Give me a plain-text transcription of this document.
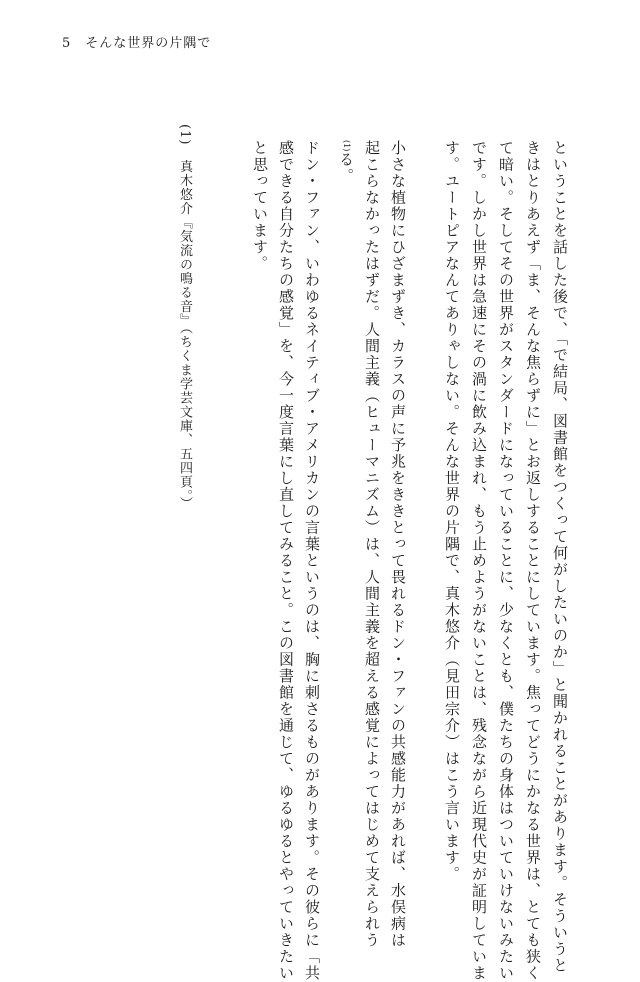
5 そんな世界の片隅で
ということを話した後で、「で結局、図書館をつくって何がしたいのか」と聞かれることがあります。そういうと
きはとりあえず「ま、そんな焦らずに」とお返しすることにしています。焦ってどうにかなる世界は、とても狭く
て暗い。そしてその世界がスタンダードになっていることに、少なくとも、僕たちの身体はついていけないみたい
です。しかし世界は急速にその渦に飲み込まれ、もう止めようがないことは、残念ながら近現代史が証明していま
す。ユートピアなんてありゃしない。そんな世界の片隅で、真木悠介（見田宗介）はこう言います。
小さな植物にひざまずき、カラスの声に予兆をききとって畏れるドン・ファンの共感能力があれば、水俣病は
起こらなかったはずだ。人間主義（ヒューマニズム）は、人間主義を超える感覚によってはじめて支えられう
(1)る。
ドン・ファン、いわゆるネイティブ・アメリカンの言葉というのは、胸に刺さるものがあります。その彼らに「共
感できる自分たちの感覚」を、今一度言葉にし直してみること。この図書館を通じて、ゆるゆるとやっていきたい
と思っています。
(1)真木悠介『気流の鳴る音』（ちくま学芸文庫、五四頁。）
